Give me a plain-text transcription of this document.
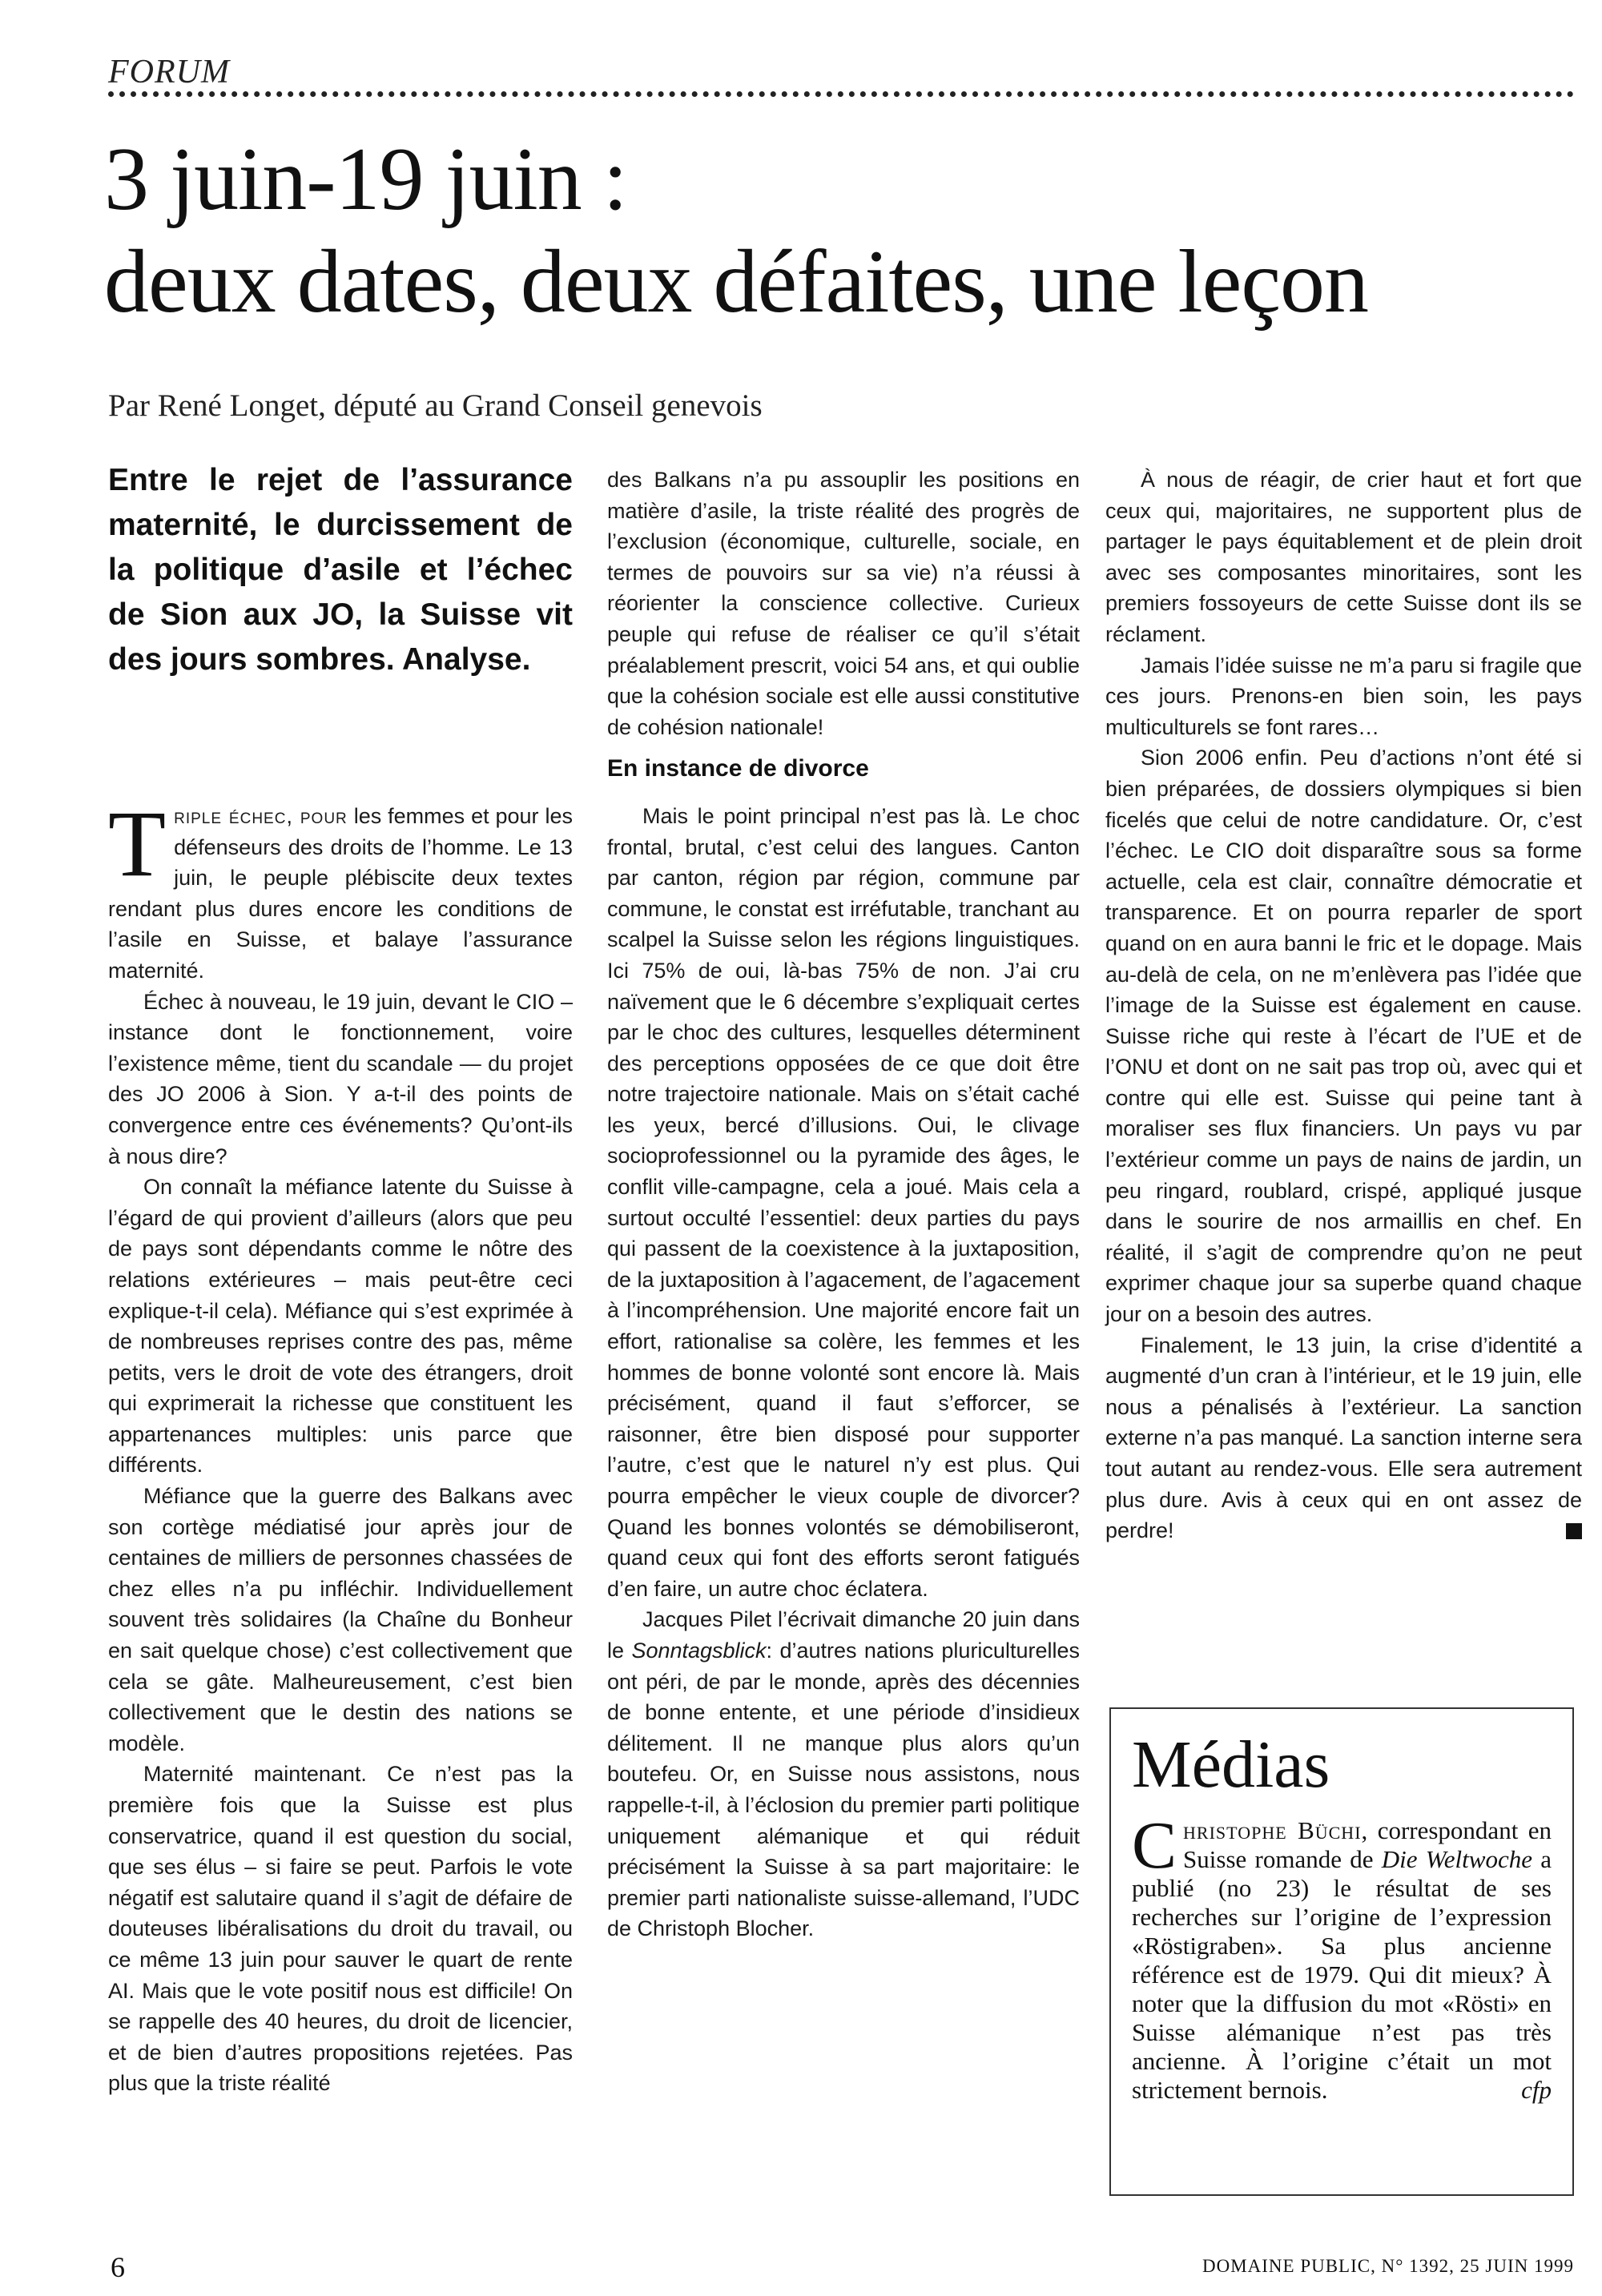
FORUM
3 juin-19 juin :
deux dates, deux défaites, une leçon
Par René Longet, député au Grand Conseil genevois

Entre le rejet de l’assurance maternité, le durcissement de la politique d’asile et l’échec de Sion aux JO, la Suisse vit des jours sombres. Analyse.

Triple échec, pour les femmes et pour les défenseurs des droits de l’homme. Le 13 juin, le peuple plébiscite deux textes rendant plus dures encore les conditions de l’asile en Suisse, et balaye l’assurance maternité.

Échec à nouveau, le 19 juin, devant le CIO – instance dont le fonctionnement, voire l’existence même, tient du scandale — du projet des JO 2006 à Sion. Y a-t-il des points de convergence entre ces événements? Qu’ont-ils à nous dire?

On connaît la méfiance latente du Suisse à l’égard de qui provient d’ailleurs (alors que peu de pays sont dépendants comme le nôtre des relations extérieures – mais peut-être ceci explique-t-il cela). Méfiance qui s’est exprimée à de nombreuses reprises contre des pas, même petits, vers le droit de vote des étrangers, droit qui exprimerait la richesse que constituent les appartenances multiples: unis parce que différents.

Méfiance que la guerre des Balkans avec son cortège médiatisé jour après jour de centaines de milliers de personnes chassées de chez elles n’a pu infléchir. Individuellement souvent très solidaires (la Chaîne du Bonheur en sait quelque chose) c’est collectivement que cela se gâte. Malheureusement, c’est bien collectivement que le destin des nations se modèle.

Maternité maintenant. Ce n’est pas la première fois que la Suisse est plus conservatrice, quand il est question du social, que ses élus – si faire se peut. Parfois le vote négatif est salutaire quand il s’agit de défaire de douteuses libéralisations du droit du travail, ou ce même 13 juin pour sauver le quart de rente AI. Mais que le vote positif nous est difficile! On se rappelle des 40 heures, du droit de licencier, et de bien d’autres propositions rejetées. Pas plus que la triste réalité

des Balkans n’a pu assouplir les positions en matière d’asile, la triste réalité des progrès de l’exclusion (économique, culturelle, sociale, en termes de pouvoirs sur sa vie) n’a réussi à réorienter la conscience collective. Curieux peuple qui refuse de réaliser ce qu’il s’était préalablement prescrit, voici 54 ans, et qui oublie que la cohésion sociale est elle aussi constitutive de cohésion nationale!

En instance de divorce

Mais le point principal n’est pas là. Le choc frontal, brutal, c’est celui des langues. Canton par canton, région par région, commune par commune, le constat est irréfutable, tranchant au scalpel la Suisse selon les régions linguistiques. Ici 75% de oui, là-bas 75% de non. J’ai cru naïvement que le 6 décembre s’expliquait certes par le choc des cultures, lesquelles déterminent des perceptions opposées de ce que doit être notre trajectoire nationale. Mais on s’était caché les yeux, bercé d’illusions. Oui, le clivage socioprofessionnel ou la pyramide des âges, le conflit ville-campagne, cela a joué. Mais cela a surtout occulté l’essentiel: deux parties du pays qui passent de la coexistence à la juxtaposition, de la juxtaposition à l’agacement, de l’agacement à l’incompréhension. Une majorité encore fait un effort, rationalise sa colère, les femmes et les hommes de bonne volonté sont encore là. Mais précisément, quand il faut s’efforcer, se raisonner, être bien disposé pour supporter l’autre, c’est que le naturel n’y est plus. Qui pourra empêcher le vieux couple de divorcer? Quand les bonnes volontés se démobiliseront, quand ceux qui font des efforts seront fatigués d’en faire, un autre choc éclatera.

Jacques Pilet l’écrivait dimanche 20 juin dans le Sonntagsblick: d’autres nations pluriculturelles ont péri, de par le monde, après des décennies de bonne entente, et une période d’insidieux délitement. Il ne manque plus alors qu’un boutefeu. Or, en Suisse nous assistons, nous rappelle-t-il, à l’éclosion du premier parti politique uniquement alémanique et qui réduit précisément la Suisse à sa part majoritaire: le premier parti nationaliste suisse-allemand, l’UDC de Christoph Blocher.

À nous de réagir, de crier haut et fort que ceux qui, majoritaires, ne supportent plus de partager le pays équitablement et de plein droit avec ses composantes minoritaires, sont les premiers fossoyeurs de cette Suisse dont ils se réclament.

Jamais l’idée suisse ne m’a paru si fragile que ces jours. Prenons-en bien soin, les pays multiculturels se font rares…

Sion 2006 enfin. Peu d’actions n’ont été si bien préparées, de dossiers olympiques si bien ficelés que celui de notre candidature. Or, c’est l’échec. Le CIO doit disparaître sous sa forme actuelle, cela est clair, connaître démocratie et transparence. Et on pourra reparler de sport quand on en aura banni le fric et le dopage. Mais au-delà de cela, on ne m’enlèvera pas l’idée que l’image de la Suisse est également en cause. Suisse riche qui reste à l’écart de l’UE et de l’ONU et dont on ne sait pas trop où, avec qui et contre qui elle est. Suisse qui peine tant à moraliser ses flux financiers. Un pays vu par l’extérieur comme un pays de nains de jardin, un peu ringard, roublard, crispé, appliqué jusque dans le sourire de nos armaillis en chef. En réalité, il s’agit de comprendre qu’on ne peut exprimer chaque jour sa superbe quand chaque jour on a besoin des autres.

Finalement, le 13 juin, la crise d’identité a augmenté d’un cran à l’intérieur, et le 19 juin, elle nous a pénalisés à l’extérieur. La sanction externe n’a pas manqué. La sanction interne sera tout autant au rendez-vous. Elle sera autrement plus dure. Avis à ceux qui en ont assez de perdre!

Médias
Christophe Büchi, correspondant en Suisse romande de Die Weltwoche a publié (no 23) le résultat de ses recherches sur l’origine de l’expression «Röstigraben». Sa plus ancienne référence est de 1979. Qui dit mieux? À noter que la diffusion du mot «Rösti» en Suisse alémanique n’est pas très ancienne. À l’origine c’était un mot strictement bernois.	cfp
6	DOMAINE PUBLIC, N° 1392, 25 JUIN 1999
